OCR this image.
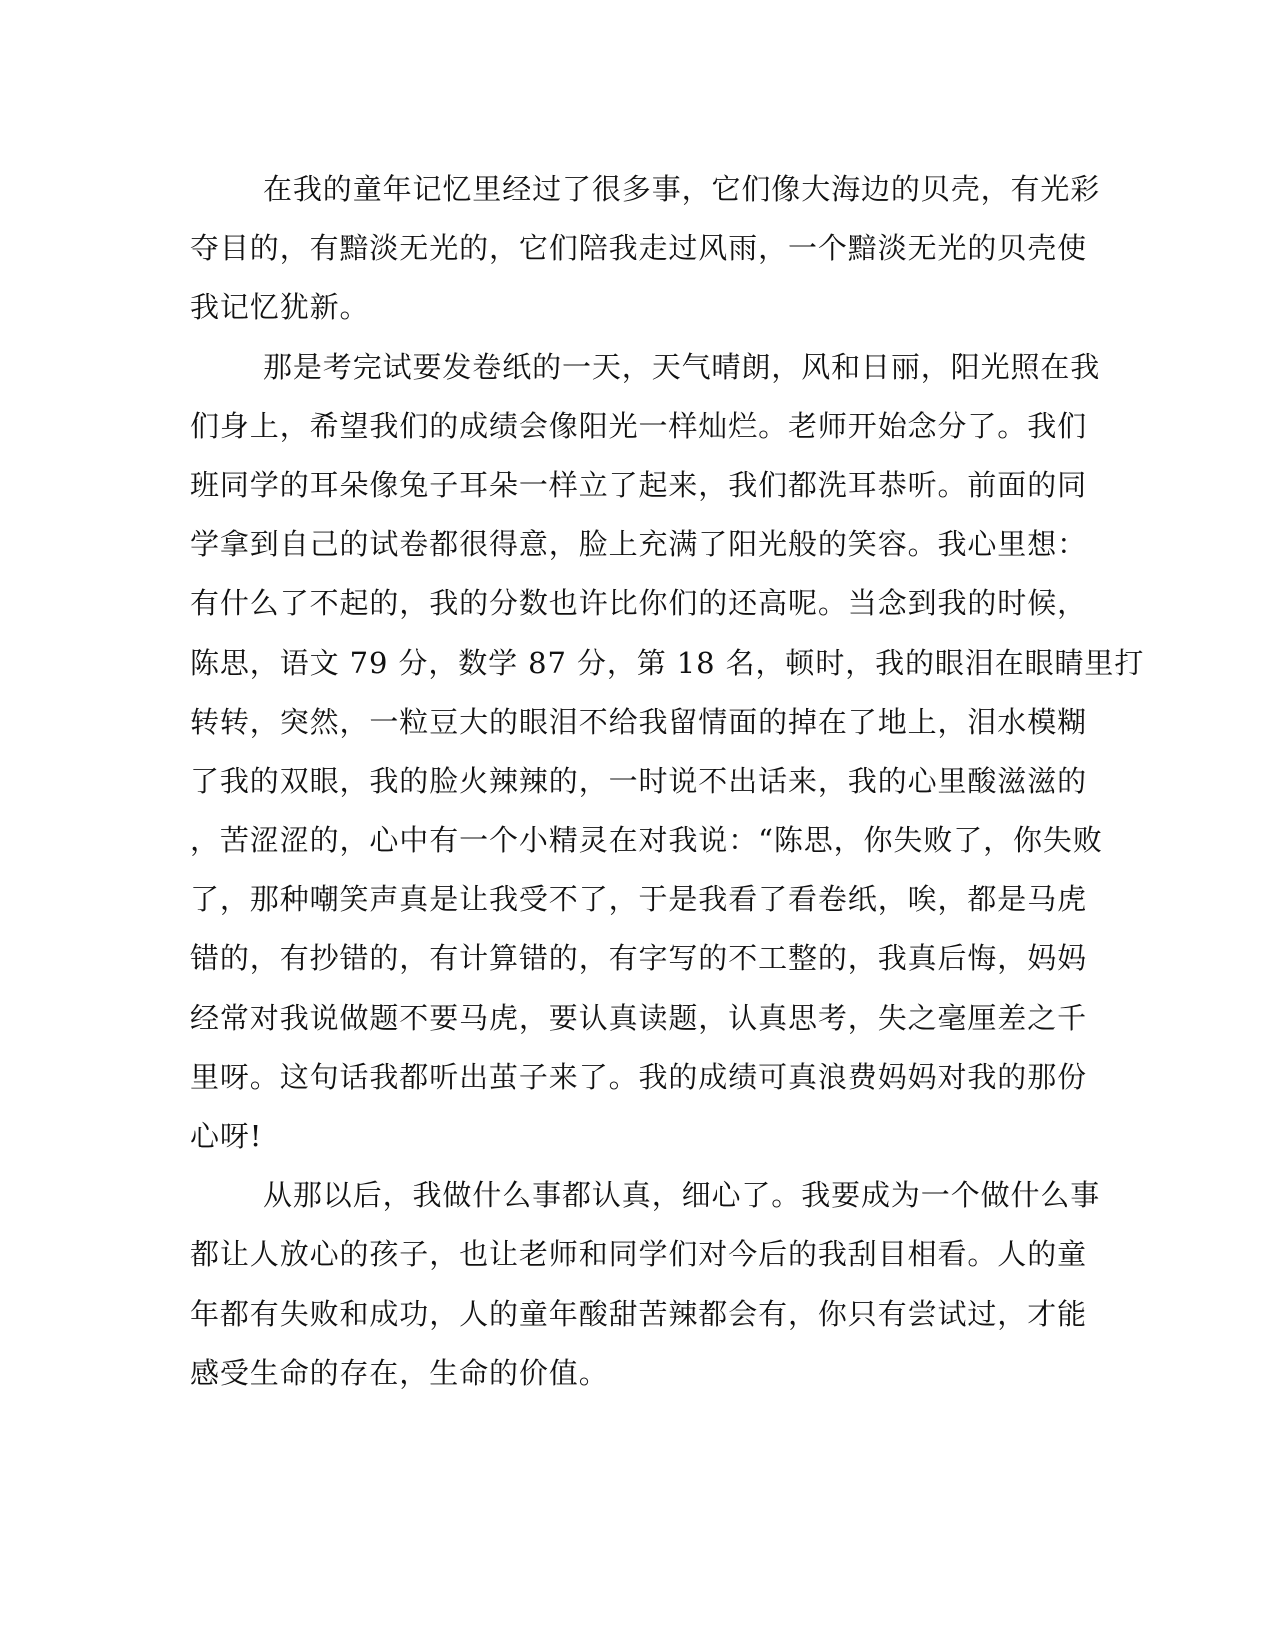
在我的童年记忆里经过了很多事，它们像大海边的贝壳，有光彩
夺目的，有黯淡无光的，它们陪我走过风雨，一个黯淡无光的贝壳使
我记忆犹新。
那是考完试要发卷纸的一天，天气晴朗，风和日丽，阳光照在我
们身上，希望我们的成绩会像阳光一样灿烂。老师开始念分了。我们
班同学的耳朵像兔子耳朵一样立了起来，我们都洗耳恭听。前面的同
学拿到自己的试卷都很得意，脸上充满了阳光般的笑容。我心里想：
有什么了不起的，我的分数也许比你们的还高呢。当念到我的时候，
陈思，语文 79 分，数学 87 分，第 18 名，顿时，我的眼泪在眼睛里打
转转，突然，一粒豆大的眼泪不给我留情面的掉在了地上，泪水模糊
了我的双眼，我的脸火辣辣的，一时说不出话来，我的心里酸滋滋的
，苦涩涩的，心中有一个小精灵在对我说：“陈思，你失败了，你失败
了，那种嘲笑声真是让我受不了，于是我看了看卷纸，唉，都是马虎
错的，有抄错的，有计算错的，有字写的不工整的，我真后悔，妈妈
经常对我说做题不要马虎，要认真读题，认真思考，失之毫厘差之千
里呀。这句话我都听出茧子来了。我的成绩可真浪费妈妈对我的那份
心呀!
从那以后，我做什么事都认真，细心了。我要成为一个做什么事
都让人放心的孩子，也让老师和同学们对今后的我刮目相看。人的童
年都有失败和成功，人的童年酸甜苦辣都会有，你只有尝试过，才能
感受生命的存在，生命的价值。
